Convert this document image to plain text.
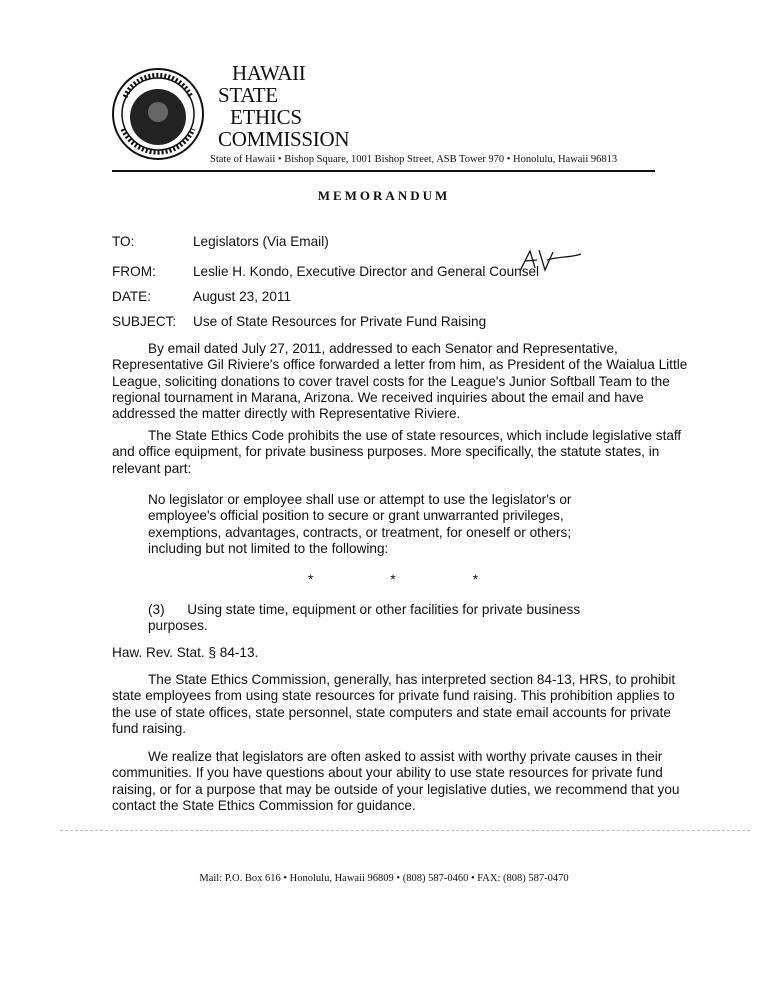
HAWAII
STATE
ETHICS
COMMISSION
State of Hawaii • Bishop Square, 1001 Bishop Street, ASB Tower 970 • Honolulu, Hawaii 96813
MEMORANDUM
TO:	Legislators (Via Email)
FROM:	Leslie H. Kondo, Executive Director and General Counsel
DATE:	August 23, 2011
SUBJECT:	Use of State Resources for Private Fund Raising
By email dated July 27, 2011, addressed to each Senator and Representative,
Representative Gil Riviere's office forwarded a letter from him, as President of the Waialua Little
League, soliciting donations to cover travel costs for the League's Junior Softball Team to the
regional tournament in Marana, Arizona. We received inquiries about the email and have
addressed the matter directly with Representative Riviere.
The State Ethics Code prohibits the use of state resources, which include legislative staff
and office equipment, for private business purposes. More specifically, the statute states, in
relevant part:
No legislator or employee shall use or attempt to use the legislator's or
employee's official position to secure or grant unwarranted privileges,
exemptions, advantages, contracts, or treatment, for oneself or others;
including but not limited to the following:
*	*	*
(3)      Using state time, equipment or other facilities for private business
purposes.
Haw. Rev. Stat. § 84-13.
The State Ethics Commission, generally, has interpreted section 84-13, HRS, to prohibit
state employees from using state resources for private fund raising. This prohibition applies to
the use of state offices, state personnel, state computers and state email accounts for private
fund raising.
We realize that legislators are often asked to assist with worthy private causes in their
communities. If you have questions about your ability to use state resources for private fund
raising, or for a purpose that may be outside of your legislative duties, we recommend that you
contact the State Ethics Commission for guidance.
Mail: P.O. Box 616 • Honolulu, Hawaii 96809 • (808) 587-0460 • FAX: (808) 587-0470
